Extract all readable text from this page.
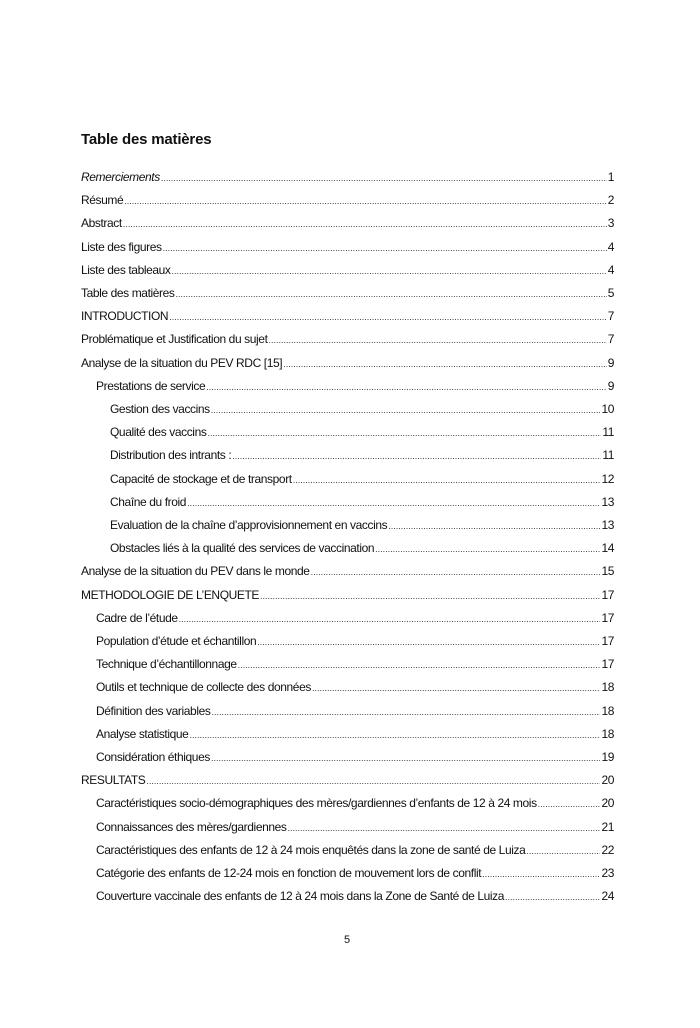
Table des matières
Remerciements .....	1
Résumé .....	2
Abstract .....	3
Liste des figures .....	4
Liste des tableaux .....	4
Table des matières .....	5
INTRODUCTION .....	7
Problématique et Justification du sujet .....	7
Analyse de la situation du PEV RDC [15] .....	9
Prestations de service .....	9
Gestion des vaccins .....	10
Qualité des vaccins .....	11
Distribution des intrants : .....	11
Capacité de stockage et de transport .....	12
Chaîne du froid .....	13
Evaluation de la chaîne d’approvisionnement en vaccins .....	13
Obstacles liés à la qualité des services de vaccination .....	14
Analyse de la situation du PEV dans le monde .....	15
METHODOLOGIE DE L’ENQUETE .....	17
Cadre de l’étude .....	17
Population d’étude et échantillon .....	17
Technique d’échantillonnage .....	17
Outils et technique de collecte des données .....	18
Définition des variables .....	18
Analyse statistique .....	18
Considération éthiques .....	19
RESULTATS .....	20
Caractéristiques socio-démographiques des mères/gardiennes d’enfants de 12 à 24 mois .....	20
Connaissances des mères/gardiennes .....	21
Caractéristiques des enfants de 12 à 24 mois enquêtés dans la zone de santé de Luiza .....	22
Catégorie des enfants de 12-24 mois en fonction de mouvement lors de conflit .....	23
Couverture vaccinale des enfants de 12 à 24 mois dans la Zone de Santé de Luiza .....	24
5
